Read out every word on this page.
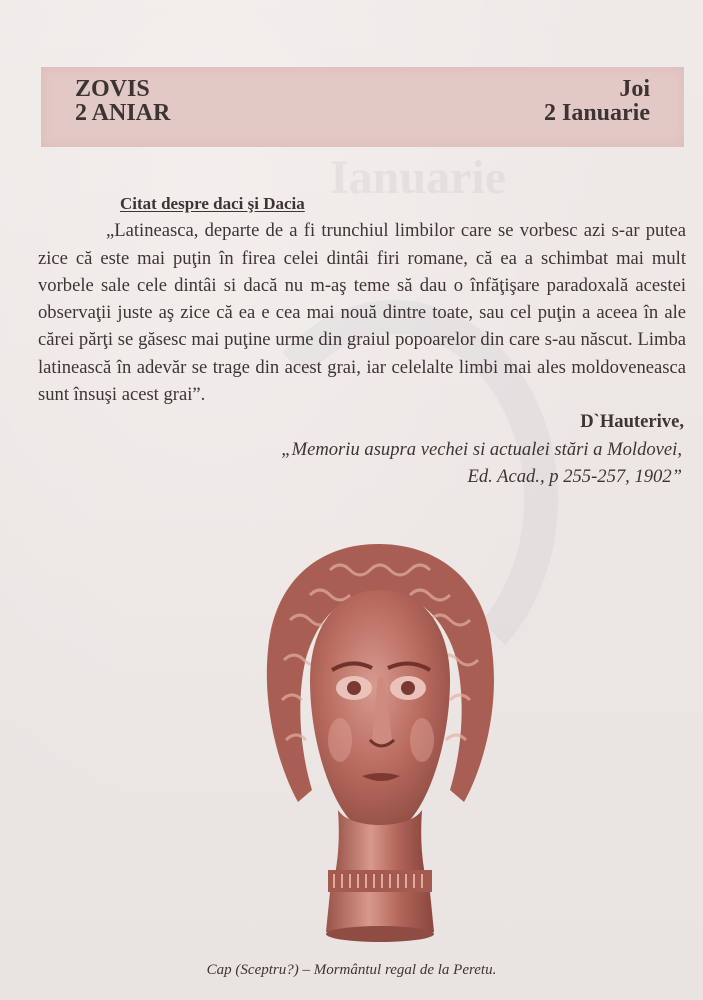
Ianuarie
ZOVIS
2 ANIAR
Joi
2 Ianuarie
Citat despre daci şi Dacia

„Latineasca, departe de a fi trunchiul limbilor care se vorbesc azi s-ar putea zice că este mai puţin în firea celei dintâi firi romane, că ea a schimbat mai mult vorbele sale cele dintâi si dacă nu m-aş teme să dau o înfăţişare paradoxală acestei observaţii juste aş zice că ea e cea mai nouă dintre toate, sau cel puţin a aceea în ale cărei părţi se găsesc mai puţine urme din graiul popoarelor din care s-au născut. Limba latinească în adevăr se trage din acest grai, iar celelalte limbi mai ales moldoveneasca sunt însuşi acest grai”.

D`Hauterive,
„Memoriu asupra vechei si actualei stări a Moldovei,
Ed. Acad., p 255-257, 1902”
Cap (Sceptru?) – Mormântul regal de la Peretu.
